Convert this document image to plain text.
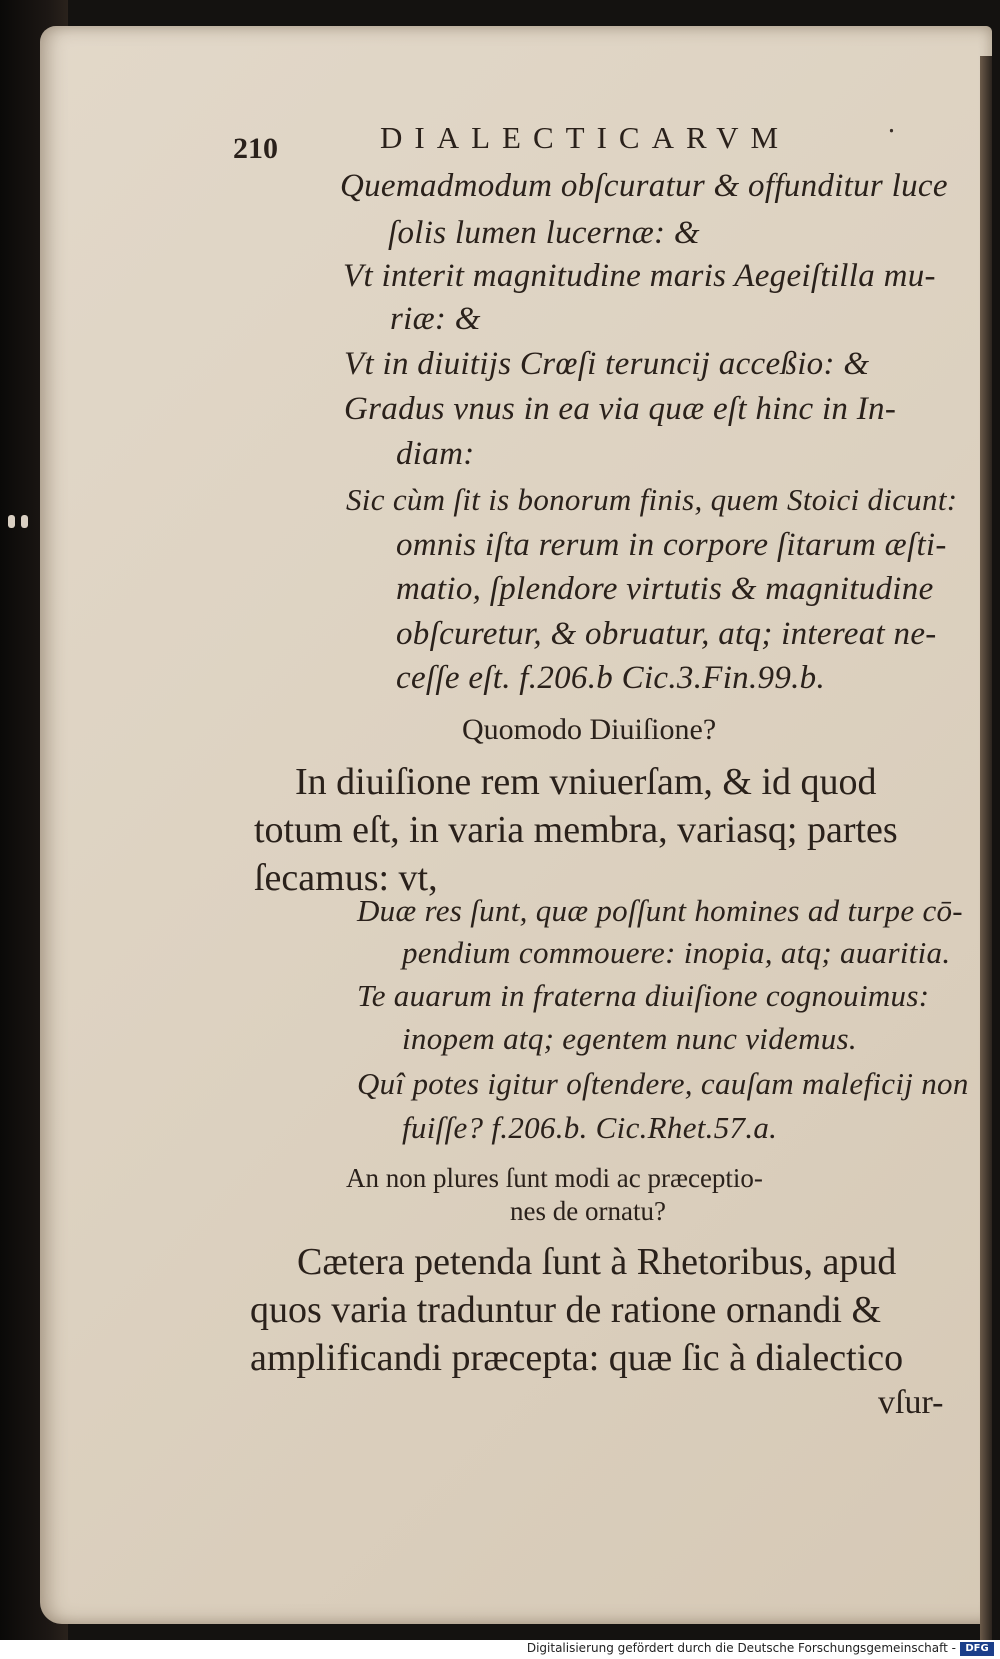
210	DIALECTICARVM	⸱
Quemadmodum obſcuratur & offunditur luce
ſolis lumen lucernæ: &
Vt interit magnitudine maris Aegeiſtilla mu-
riæ: &
Vt in diuitijs Crœſi teruncij acceßio: &
Gradus vnus in ea via quæ eſt hinc in In-
diam:
Sic cùm ſit is bonorum finis, quem Stoici dicunt:
omnis iſta rerum in corpore ſitarum æſti-
matio, ſplendore virtutis & magnitudine
obſcuretur, & obruatur, atq; intereat ne-
ceſſe eſt. f.206.b Cic.3.Fin.99.b.
Quomodo Diuiſione?
In diuiſione rem vniuerſam, & id quod
totum eſt, in varia membra, variasq; partes
ſecamus: vt,
Duæ res ſunt, quæ poſſunt homines ad turpe cō-
pendium commouere: inopia, atq; auaritia.
Te auarum in fraterna diuiſione cognouimus:
inopem atq; egentem nunc videmus.
Quî potes igitur oſtendere, cauſam maleficij non
fuiſſe? f.206.b. Cic.Rhet.57.a.
An non plures ſunt modi ac præceptio-
nes de ornatu?
Cætera petenda ſunt à Rhetoribus, apud
quos varia traduntur de ratione ornandi &
amplificandi præcepta: quæ ſic à dialectico
vſur-
Digitalisierung gefördert durch die Deutsche Forschungsgemeinschaft - DFG
